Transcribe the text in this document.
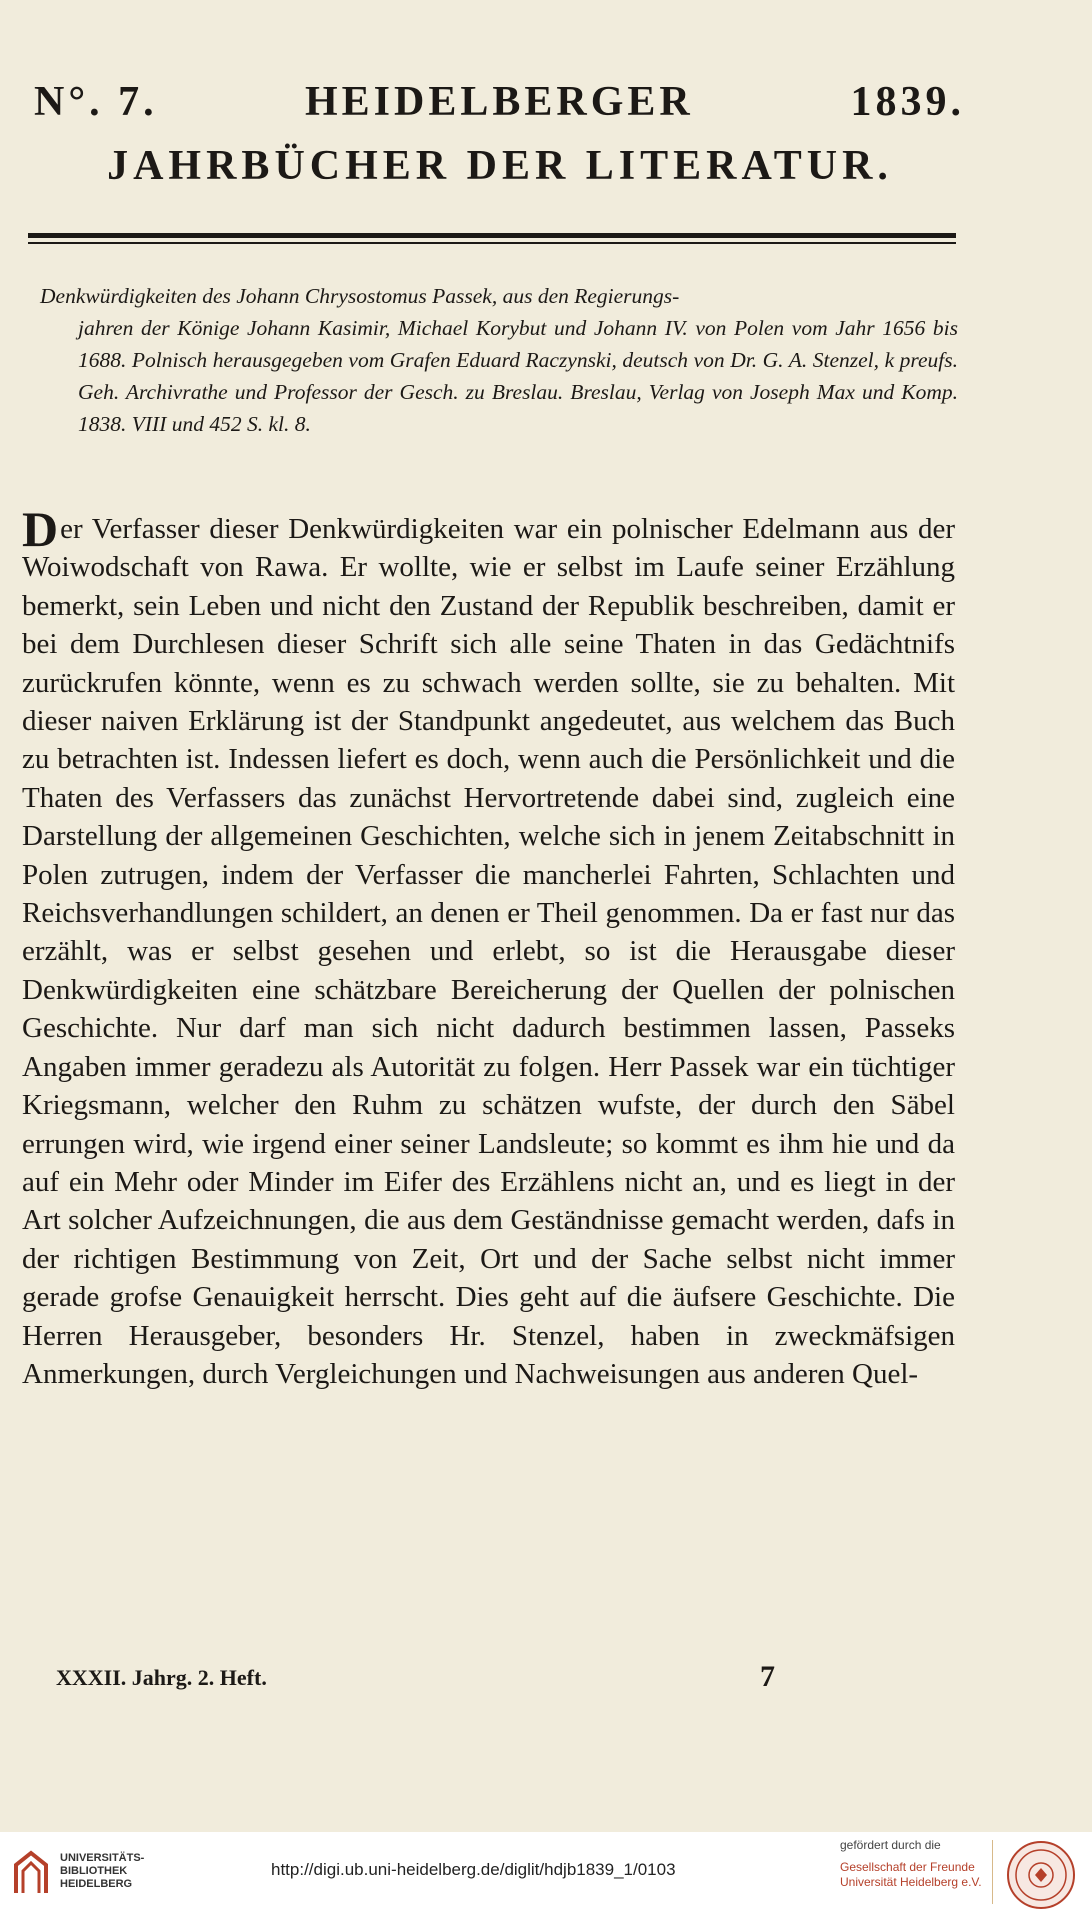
N°. 7.	HEIDELBERGER	1839.
JAHRBÜCHER DER LITERATUR.
Denkwürdigkeiten des Johann Chrysostomus Passek, aus den Regierungs-
jahren der Könige Johann Kasimir, Michael Korybut und Johann IV. von Polen vom Jahr 1656 bis 1688. Polnisch herausgegeben vom Grafen Eduard Raczynski, deutsch von Dr. G. A. Stenzel, k preufs. Geh. Archivrathe und Professor der Gesch. zu Breslau. Breslau, Verlag von Joseph Max und Komp. 1838. VIII und 452 S. kl. 8.
Der Verfasser dieser Denkwürdigkeiten war ein polnischer Edelmann aus der Woiwodschaft von Rawa. Er wollte, wie er selbst im Laufe seiner Erzählung bemerkt, sein Leben und nicht den Zustand der Republik beschreiben, damit er bei dem Durchlesen dieser Schrift sich alle seine Thaten in das Gedächtnifs zurückrufen könnte, wenn es zu schwach werden sollte, sie zu behalten. Mit dieser naiven Erklärung ist der Standpunkt angedeutet, aus welchem das Buch zu betrachten ist. Indessen liefert es doch, wenn auch die Persönlichkeit und die Thaten des Verfassers das zunächst Hervortretende dabei sind, zugleich eine Darstellung der allgemeinen Geschichten, welche sich in jenem Zeitabschnitt in Polen zutrugen, indem der Verfasser die mancherlei Fahrten, Schlachten und Reichsverhandlungen schildert, an denen er Theil genommen. Da er fast nur das erzählt, was er selbst gesehen und erlebt, so ist die Herausgabe dieser Denkwürdigkeiten eine schätzbare Bereicherung der Quellen der polnischen Geschichte. Nur darf man sich nicht dadurch bestimmen lassen, Passeks Angaben immer geradezu als Autorität zu folgen. Herr Passek war ein tüchtiger Kriegsmann, welcher den Ruhm zu schätzen wufste, der durch den Säbel errungen wird, wie irgend einer seiner Landsleute; so kommt es ihm hie und da auf ein Mehr oder Minder im Eifer des Erzählens nicht an, und es liegt in der Art solcher Aufzeichnungen, die aus dem Geständnisse gemacht werden, dafs in der richtigen Bestimmung von Zeit, Ort und der Sache selbst nicht immer gerade grofse Genauigkeit herrscht. Dies geht auf die äufsere Geschichte. Die Herren Herausgeber, besonders Hr. Stenzel, haben in zweckmäfsigen Anmerkungen, durch Vergleichungen und Nachweisungen aus anderen Quel-
XXXII. Jahrg. 2. Heft.	7
UNIVERSITÄTS-
BIBLIOTHEK
HEIDELBERG
http://digi.ub.uni-heidelberg.de/diglit/hdjb1839_1/0103
gefördert durch die
Gesellschaft der Freunde
Universität Heidelberg e.V.
